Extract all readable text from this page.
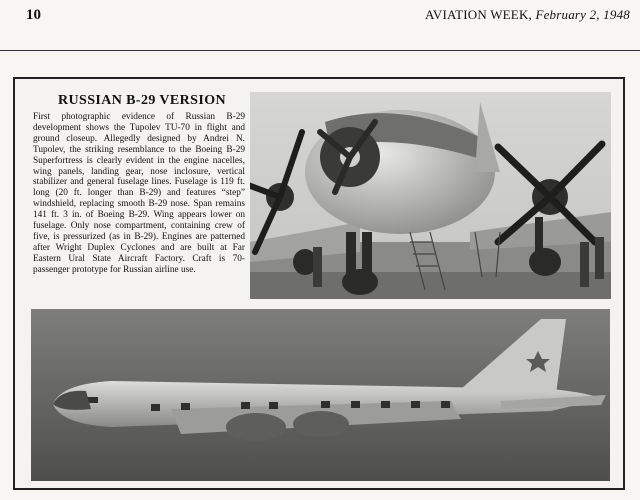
10	AVIATION WEEK, February 2, 1948
RUSSIAN B-29 VERSION
First photographic evidence of Russian B-29 development shows the Tupolev TU-70 in flight and ground closeup. Allegedly designed by Andrei N. Tupolev, the striking resemblance to the Boeing B-29 Superfortress is clearly evident in the engine nacelles, wing panels, landing gear, nose inclosure, vertical stabilizer and general fuselage lines. Fuselage is 119 ft. long (20 ft. longer than B-29) and features “step” windshield, replacing smooth B-29 nose. Span remains 141 ft. 3 in. of Boeing B-29. Wing appears lower on fuselage. Only nose compartment, containing crew of five, is pressurized (as in B-29). Engines are patterned after Wright Duplex Cyclones and are built at Far Eastern Ural State Aircraft Factory. Craft is 70-passenger prototype for Russian airline use.
